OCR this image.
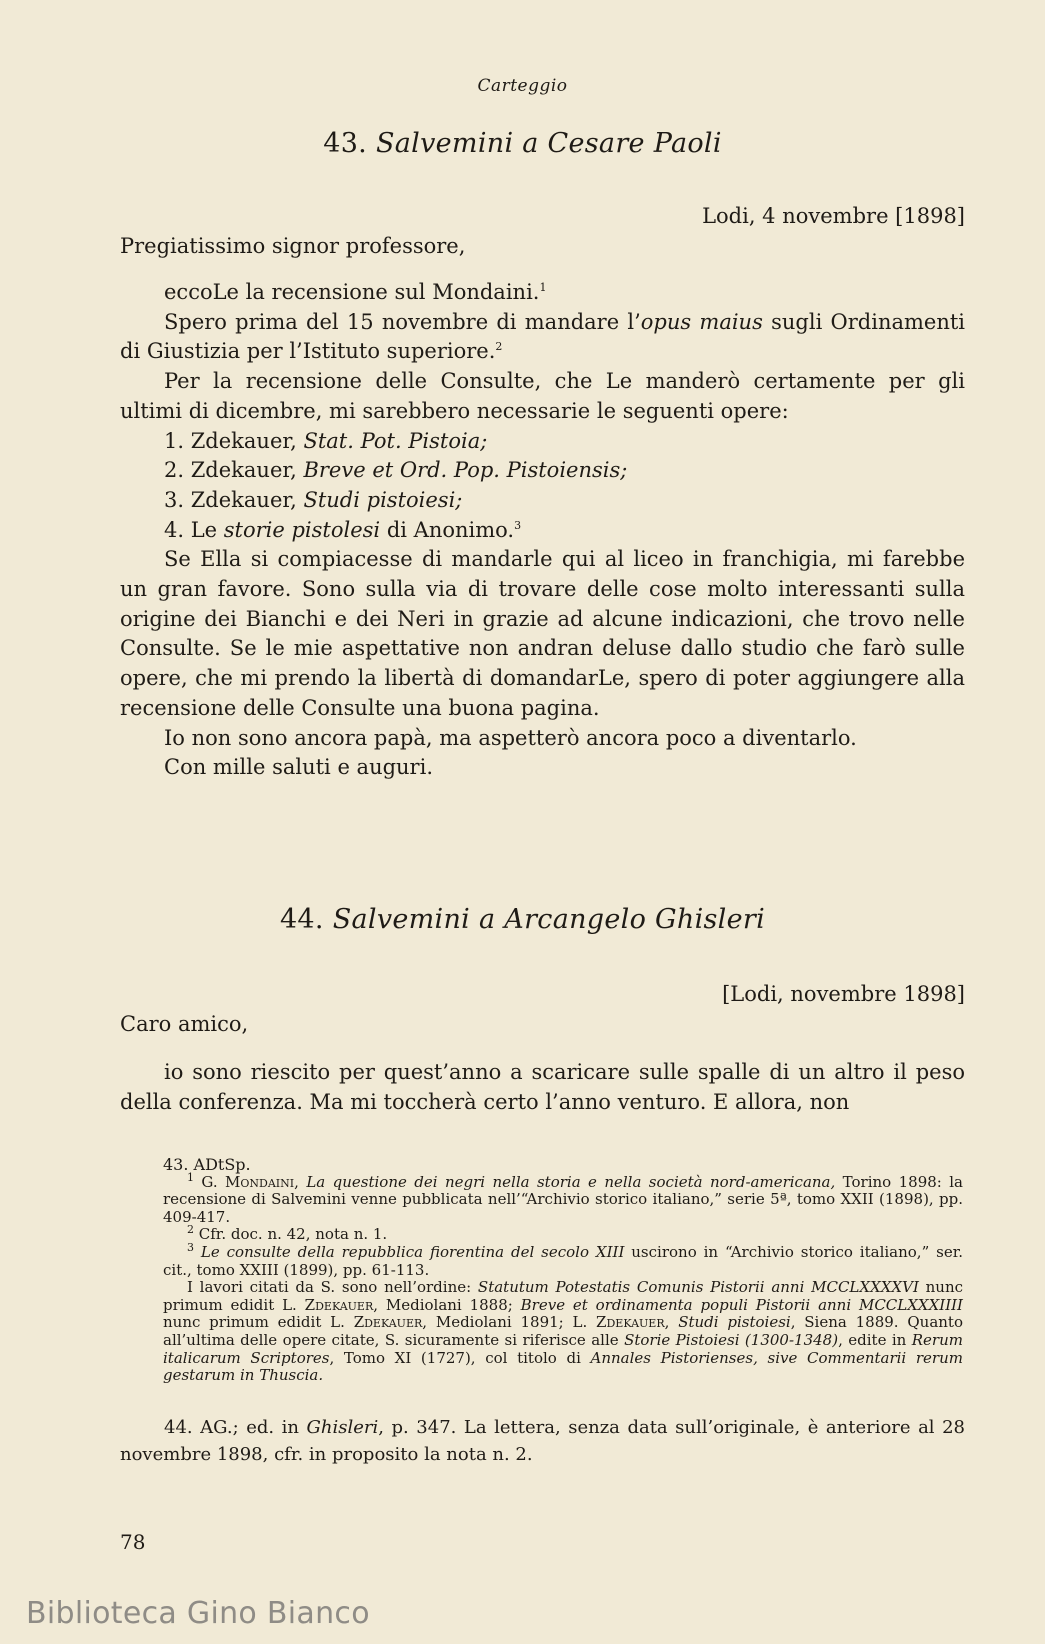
Carteggio
43. Salvemini a Cesare Paoli
Lodi, 4 novembre [1898]
Pregiatissimo signor professore,

eccoLe la recensione sul Mondaini.$^1$

Spero prima del 15 novembre di mandare l’opus maius sugli Ordinamenti di Giustizia per l’Istituto superiore.$^2$

Per la recensione delle Consulte, che Le manderò certamente per gli ultimi di dicembre, mi sarebbero necessarie le seguenti opere:

1. Zdekauer, Stat. Pot. Pistoia;
2. Zdekauer, Breve et Ord. Pop. Pistoiensis;
3. Zdekauer, Studi pistoiesi;
4. Le storie pistolesi di Anonimo.$^3$

Se Ella si compiacesse di mandarle qui al liceo in franchigia, mi farebbe un gran favore. Sono sulla via di trovare delle cose molto interessanti sulla origine dei Bianchi e dei Neri in grazie ad alcune indicazioni, che trovo nelle Consulte. Se le mie aspettative non andran deluse dallo studio che farò sulle opere, che mi prendo la libertà di domandarLe, spero di poter aggiungere alla recensione delle Consulte una buona pagina.

Io non sono ancora papà, ma aspetterò ancora poco a diventarlo.

Con mille saluti e auguri.

44. Salvemini a Arcangelo Ghisleri
[Lodi, novembre 1898]
Caro amico,

io sono riescito per quest’anno a scaricare sulle spalle di un altro il peso della conferenza. Ma mi toccherà certo l’anno venturo. E allora, non

43. ADtSp.

$^1$ G. Mondaini, La questione dei negri nella storia e nella società nord-americana, Torino 1898: la recensione di Salvemini venne pubblicata nell’“Archivio storico italiano,” serie 5ª, tomo XXII (1898), pp. 409-417.

$^2$ Cfr. doc. n. 42, nota n. 1.

$^3$ Le consulte della repubblica fiorentina del secolo XIII uscirono in “Archivio storico italiano,” ser. cit., tomo XXIII (1899), pp. 61-113.

I lavori citati da S. sono nell’ordine: Statutum Potestatis Comunis Pistorii anni MCCLXXXXVI nunc primum edidit L. Zdekauer, Mediolani 1888; Breve et ordinamenta populi Pistorii anni MCCLXXXIIII nunc primum edidit L. Zdekauer, Mediolani 1891; L. Zdekauer, Studi pistoiesi, Siena 1889. Quanto all’ultima delle opere citate, S. sicuramente si riferisce alle Storie Pistoiesi (1300-1348), edite in Rerum italicarum Scriptores, Tomo XI (1727), col titolo di Annales Pistorienses, sive Commentarii rerum gestarum in Thuscia.

44. AG.; ed. in Ghisleri, p. 347. La lettera, senza data sull’originale, è anteriore al 28 novembre 1898, cfr. in proposito la nota n. 2.

78
Biblioteca Gino Bianco
